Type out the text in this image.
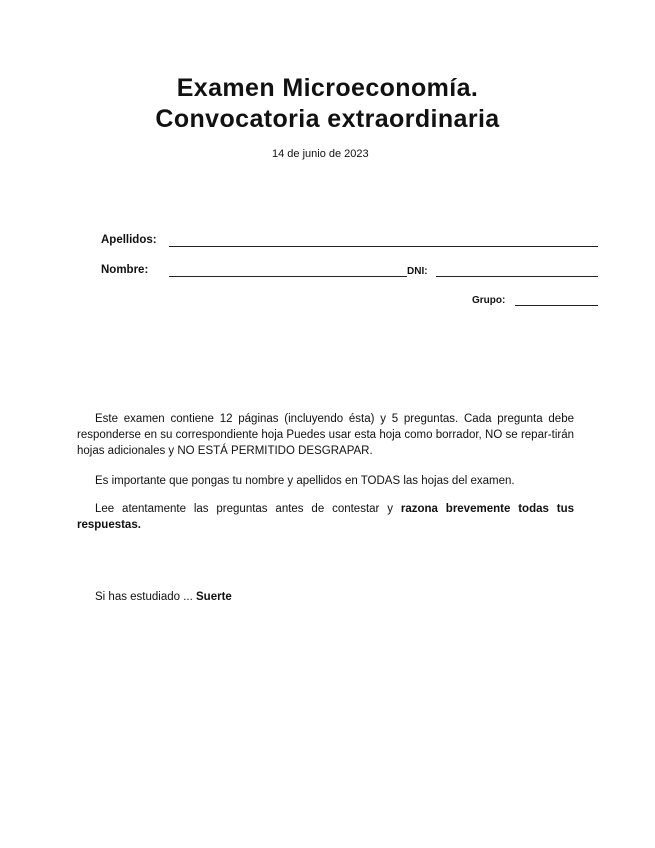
Examen Microeconomía.
Convocatoria extraordinaria
14 de junio de 2023
Apellidos:
Nombre:	DNI:
Grupo:
Este examen contiene 12 páginas (incluyendo ésta) y 5 preguntas. Cada pregunta debe responderse en su correspondiente hoja Puedes usar esta hoja como borrador, NO se repar-tirán hojas adicionales y NO ESTÁ PERMITIDO DESGRAPAR.
Es importante que pongas tu nombre y apellidos en TODAS las hojas del examen.
Lee atentamente las preguntas antes de contestar y razona brevemente todas tus respuestas.
Si has estudiado ... Suerte
